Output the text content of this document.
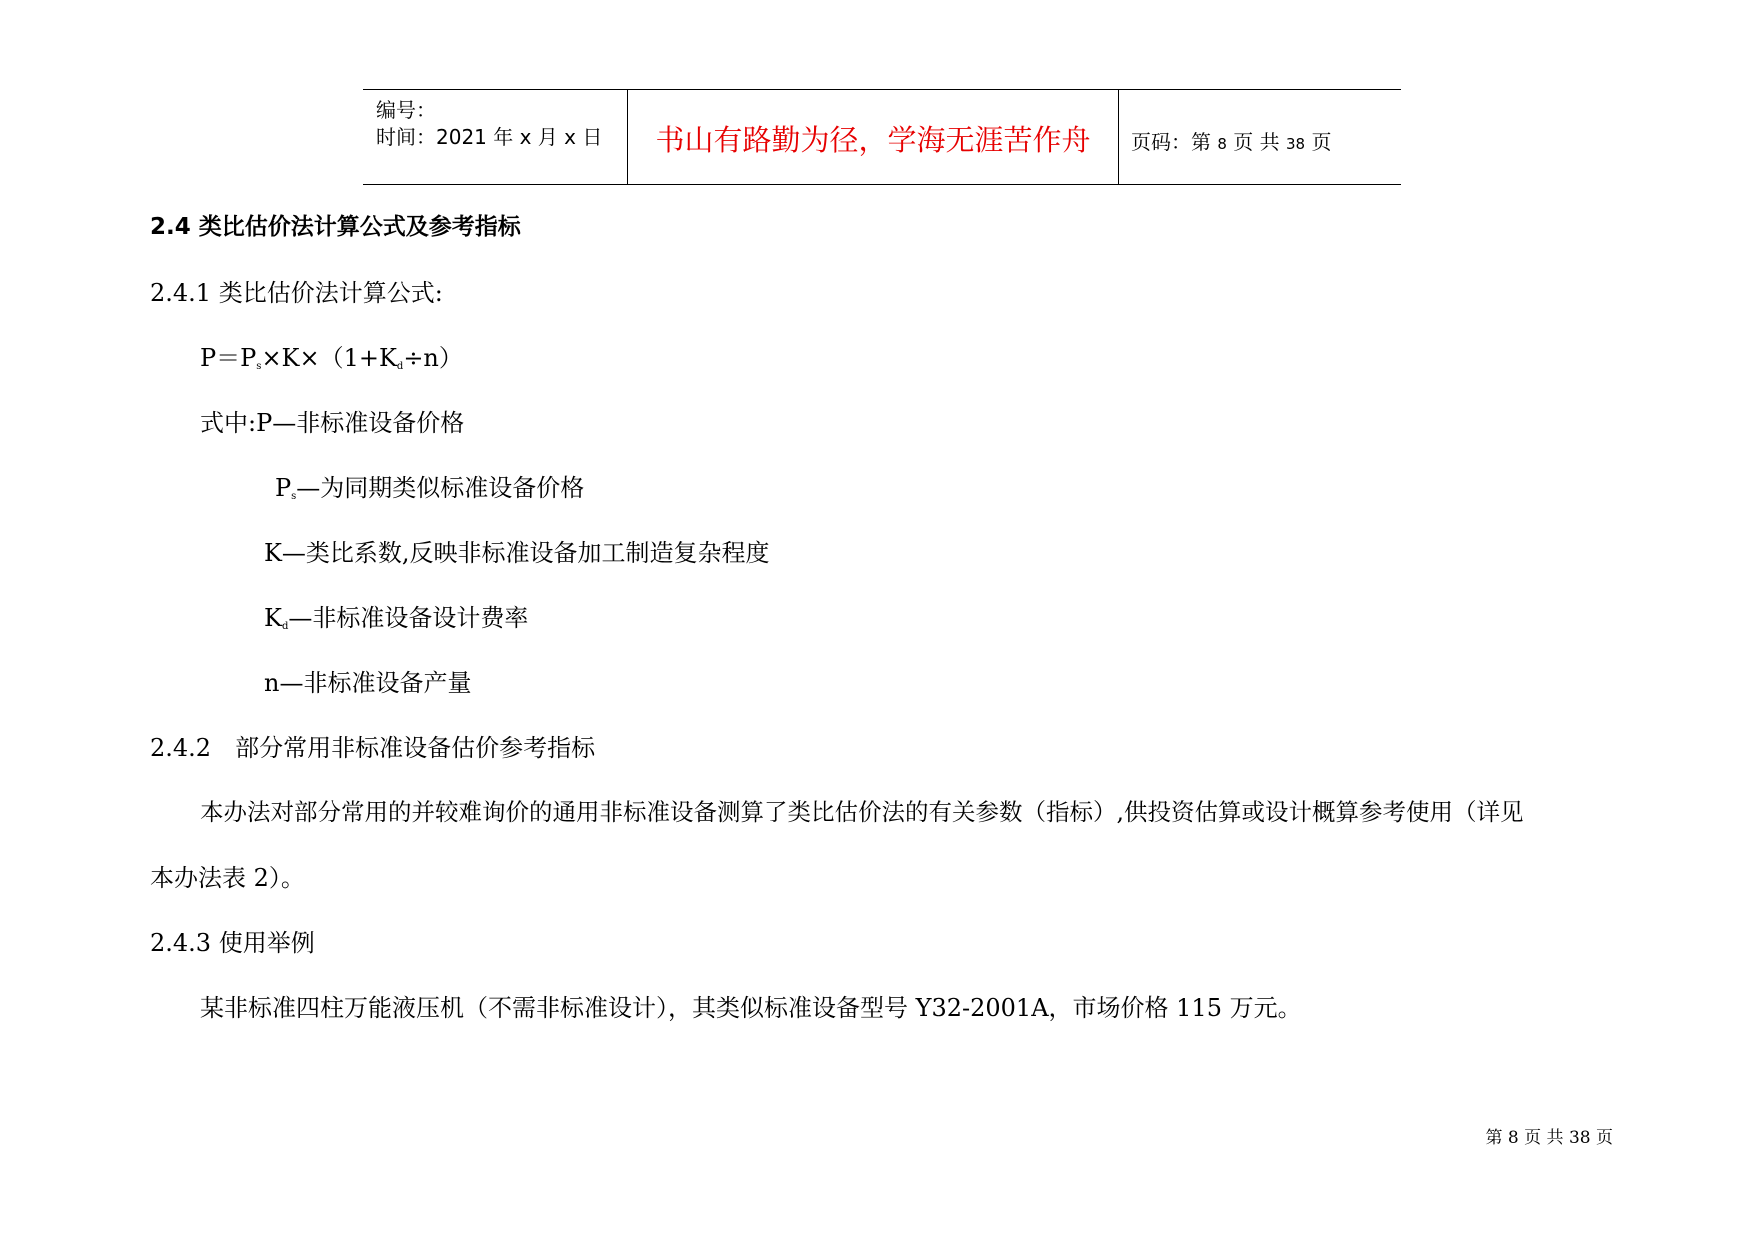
编号：
时间：2021 年 x 月 x 日	书山有路勤为径，学海无涯苦作舟	页码：第 8 页 共 38 页
2.4 类比估价法计算公式及参考指标
2.4.1 类比估价法计算公式:
$P=P_s\times K\times(1+K_d\div n)$
式中:P—非标准设备价格
$P_s—$为同期类似标准设备价格
K—类比系数,反映非标准设备加工制造复杂程度
$K_d—$非标准设备设计费率
n—非标准设备产量
2.4.2　部分常用非标准设备估价参考指标
本办法对部分常用的并较难询价的通用非标准设备测算了类比估价法的有关参数（指标）,供投资估算或设计概算参考使用（详见
本办法表 2）。
2.4.3 使用举例
某非标准四柱万能液压机（不需非标准设计），其类似标准设备型号 Y32-2001A，市场价格 115 万元。
第 8 页 共 38 页
